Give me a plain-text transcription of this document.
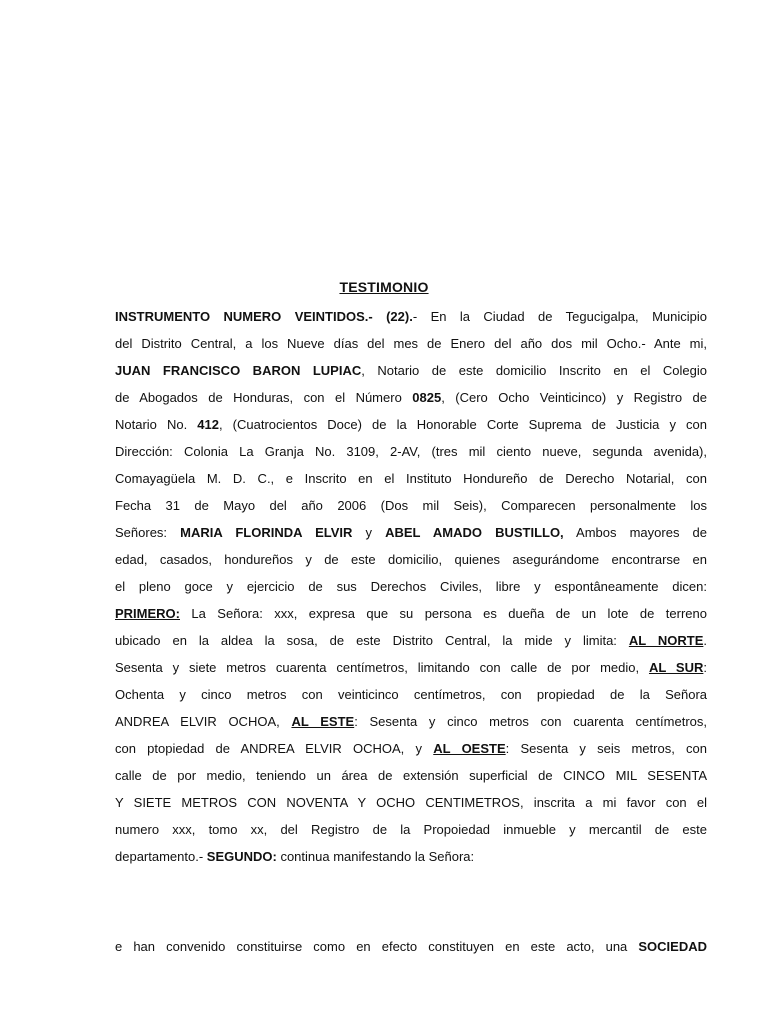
TESTIMONIO
INSTRUMENTO NUMERO VEINTIDOS.- (22).- En la Ciudad de Tegucigalpa, Municipio
del Distrito Central, a los Nueve días del mes de Enero del año dos mil Ocho.- Ante mi,
JUAN FRANCISCO BARON LUPIAC, Notario de este domicilio Inscrito en el Colegio
de Abogados de Honduras, con el Número 0825, (Cero Ocho Veinticinco) y Registro de
Notario No. 412, (Cuatrocientos Doce) de la Honorable Corte Suprema de Justicia y con
Dirección: Colonia La Granja No. 3109, 2-AV, (tres mil ciento nueve, segunda avenida),
Comayagüela M. D. C., e Inscrito en el Instituto Hondureño de Derecho Notarial, con
Fecha 31 de Mayo del año 2006 (Dos mil Seis), Comparecen personalmente los
Señores: MARIA FLORINDA ELVIR y ABEL AMADO BUSTILLO, Ambos mayores de
edad, casados, hondureños y de este domicilio, quienes asegurándome encontrarse en
el pleno goce y ejercicio de sus Derechos Civiles, libre y espontâneamente dicen:
PRIMERO: La Señora: xxx, expresa que su persona es dueña de un lote de terreno
ubicado en la aldea la sosa, de este Distrito Central, la mide y limita: AL NORTE.
Sesenta y siete metros cuarenta centímetros, limitando con calle de por medio, AL SUR:
Ochenta y cinco metros con veinticinco centímetros, con propiedad de la Señora
ANDREA ELVIR OCHOA, AL ESTE: Sesenta y cinco metros con cuarenta centímetros,
con ptopiedad de ANDREA ELVIR OCHOA, y AL OESTE: Sesenta y seis metros, con
calle de por medio, teniendo un área de extensión superficial de CINCO MIL SESENTA
Y SIETE METROS CON NOVENTA Y OCHO CENTIMETROS, inscrita a mi favor con el
numero xxx, tomo xx, del Registro de la Propoiedad inmueble y mercantil de este
departamento.- SEGUNDO: continua manifestando la Señora:
e han convenido constituirse como en efecto constituyen en este acto, una SOCIEDAD
